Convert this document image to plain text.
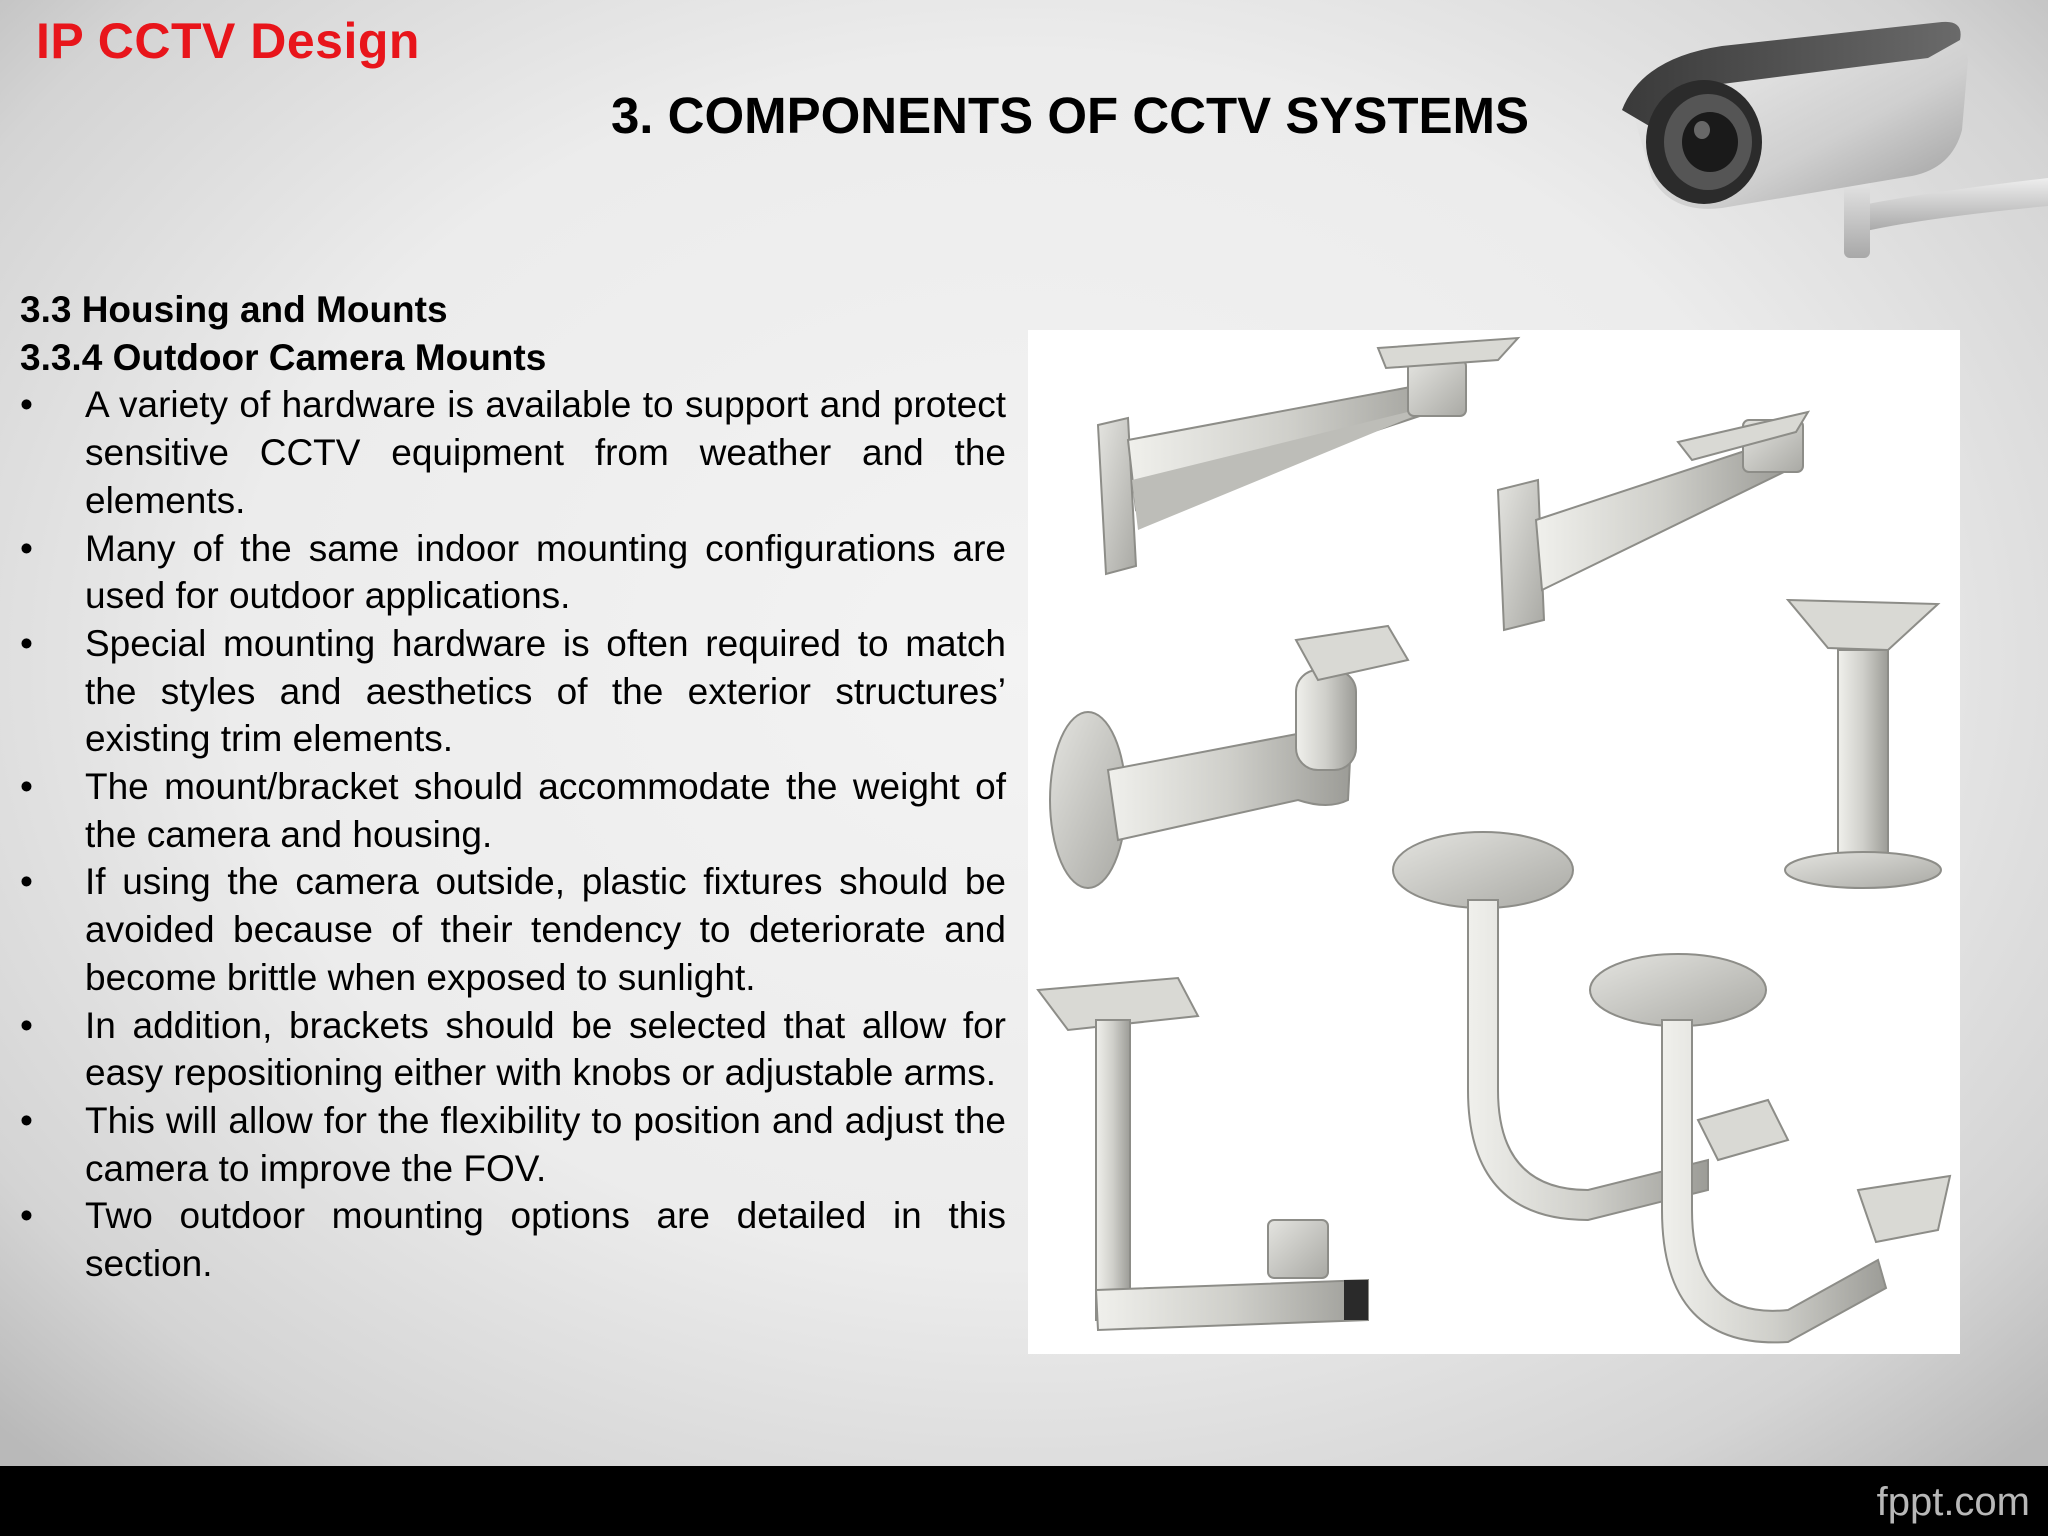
IP CCTV Design
3. COMPONENTS OF CCTV SYSTEMS
3.3 Housing and Mounts
3.3.4 Outdoor Camera Mounts
• A variety of hardware is available to support and protect sensitive CCTV equipment from weather and the elements.
• Many of the same indoor mounting configurations are used for outdoor applications.
• Special mounting hardware is often required to match the styles and aesthetics of the exterior structures’ existing trim elements.
• The mount/bracket should accommodate the weight of the camera and housing.
• If using the camera outside, plastic fixtures should be avoided because of their tendency to deteriorate and become brittle when exposed to sunlight.
• In addition, brackets should be selected that allow for easy repositioning either with knobs or adjustable arms.
• This will allow for the flexibility to position and adjust the camera to improve the FOV.
• Two outdoor mounting options are detailed in this section.
fppt.com
